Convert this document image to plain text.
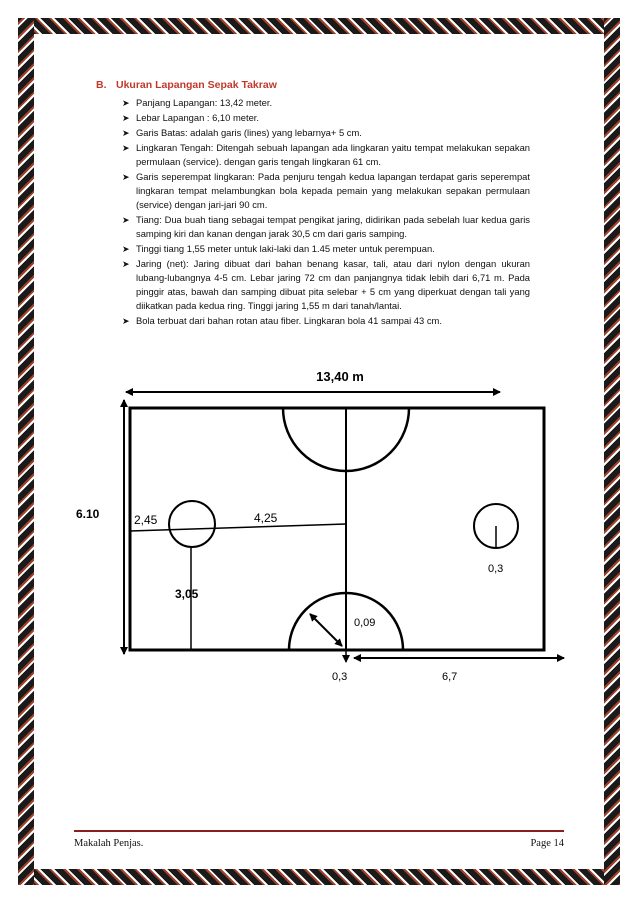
B. Ukuran Lapangan Sepak Takraw
➤ Panjang Lapangan: 13,42 meter.
➤ Lebar Lapangan : 6,10 meter.
➤ Garis Batas: adalah garis (lines) yang lebarnya+ 5 cm.
➤ Lingkaran Tengah: Ditengah sebuah lapangan ada lingkaran yaitu tempat melakukan sepakan permulaan (service). dengan garis tengah lingkaran 61 cm.
➤ Garis seperempat lingkaran: Pada penjuru tengah kedua lapangan terdapat garis seperempat lingkaran tempat melambungkan bola kepada pemain yang melakukan sepakan permulaan (service) dengan jari-jari 90 cm.
➤ Tiang: Dua buah tiang sebagai tempat pengikat jaring, didirikan pada sebelah luar kedua garis samping kiri dan kanan dengan jarak 30,5 cm dari garis samping.
➤ Tinggi tiang 1,55 meter untuk laki-laki dan 1.45 meter untuk perempuan.
➤ Jaring (net): Jaring dibuat dari bahan benang kasar, tali, atau dari nylon dengan ukuran lubang-lubangnya 4-5 cm. Lebar jaring 72 cm dan panjangnya tidak lebih dari 6,71 m. Pada pinggir atas, bawah dan samping dibuat pita selebar + 5 cm yang diperkuat dengan tali yang diikatkan pada kedua ring. Tinggi jaring 1,55 m dari tanah/lantai.
➤ Bola terbuat dari bahan rotan atau fiber. Lingkaran bola 41 sampai 43 cm.
13,40 m
6.10	2,45	4,25
3,05
0,3
0,09
0,3	6,7
Makalah Penjas.	Page 14
